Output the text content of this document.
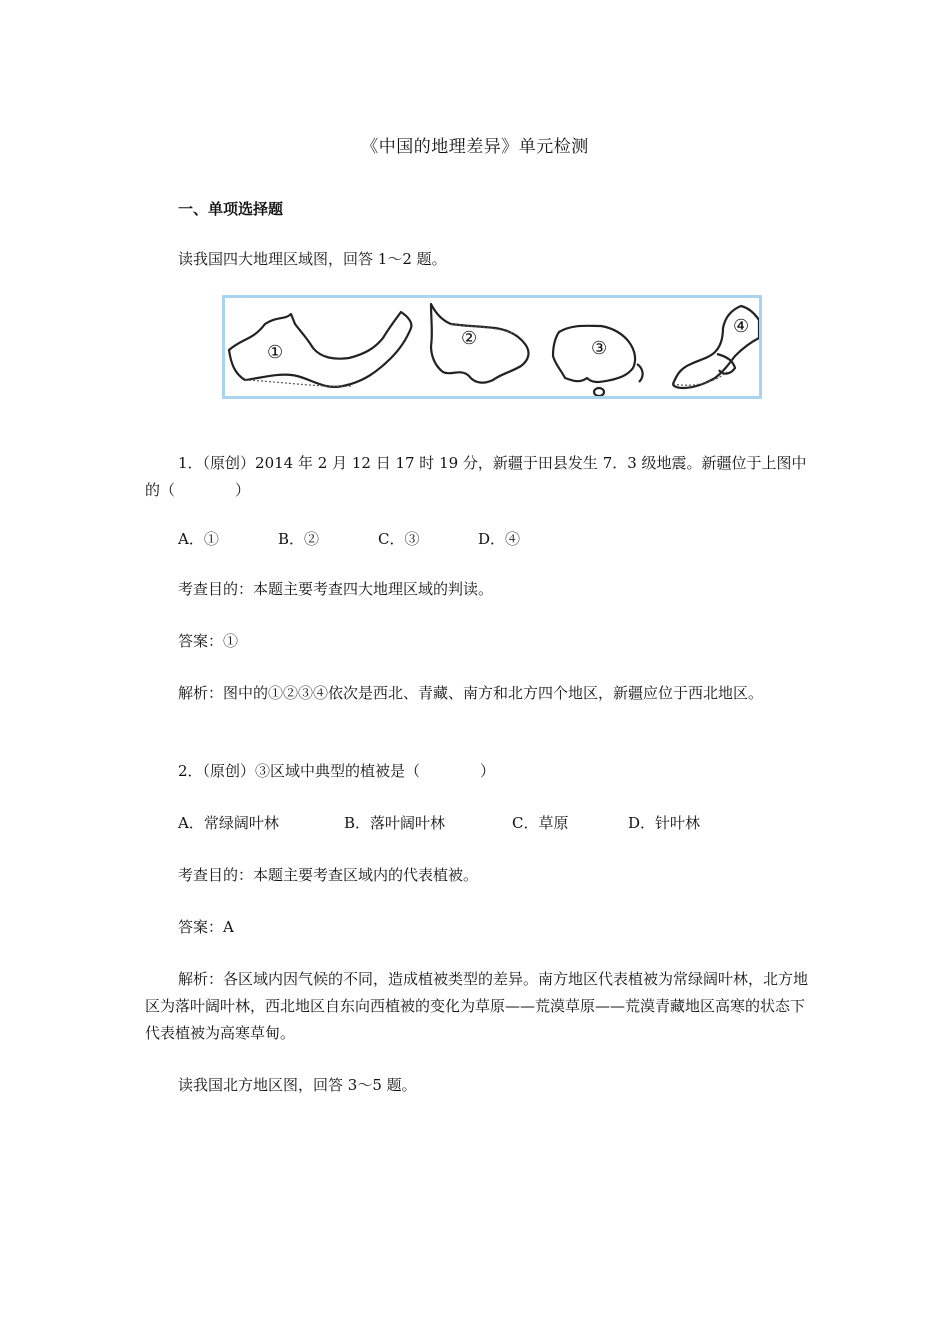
《中国的地理差异》单元检测
一、单项选择题
读我国四大地理区域图，回答 1～2 题。
①
②	③
④
1．（原创）2014 年 2 月 12 日 17 时 19 分，新疆于田县发生 7．3 级地震。新疆位于上图中的（　　　　）
A．①	B．②	C．③	D．④
考查目的：本题主要考查四大地理区域的判读。
答案：①
解析：图中的①②③④依次是西北、青藏、南方和北方四个地区，新疆应位于西北地区。
2．（原创）③区域中典型的植被是（　　　　）
A．常绿阔叶林	B．落叶阔叶林	C．草原	D．针叶林
考查目的：本题主要考查区域内的代表植被。
答案：A
解析：各区域内因气候的不同，造成植被类型的差异。南方地区代表植被为常绿阔叶林，北方地区为落叶阔叶林，西北地区自东向西植被的变化为草原——荒漠草原——荒漠青藏地区高寒的状态下代表植被为高寒草甸。
读我国北方地区图，回答 3～5 题。
